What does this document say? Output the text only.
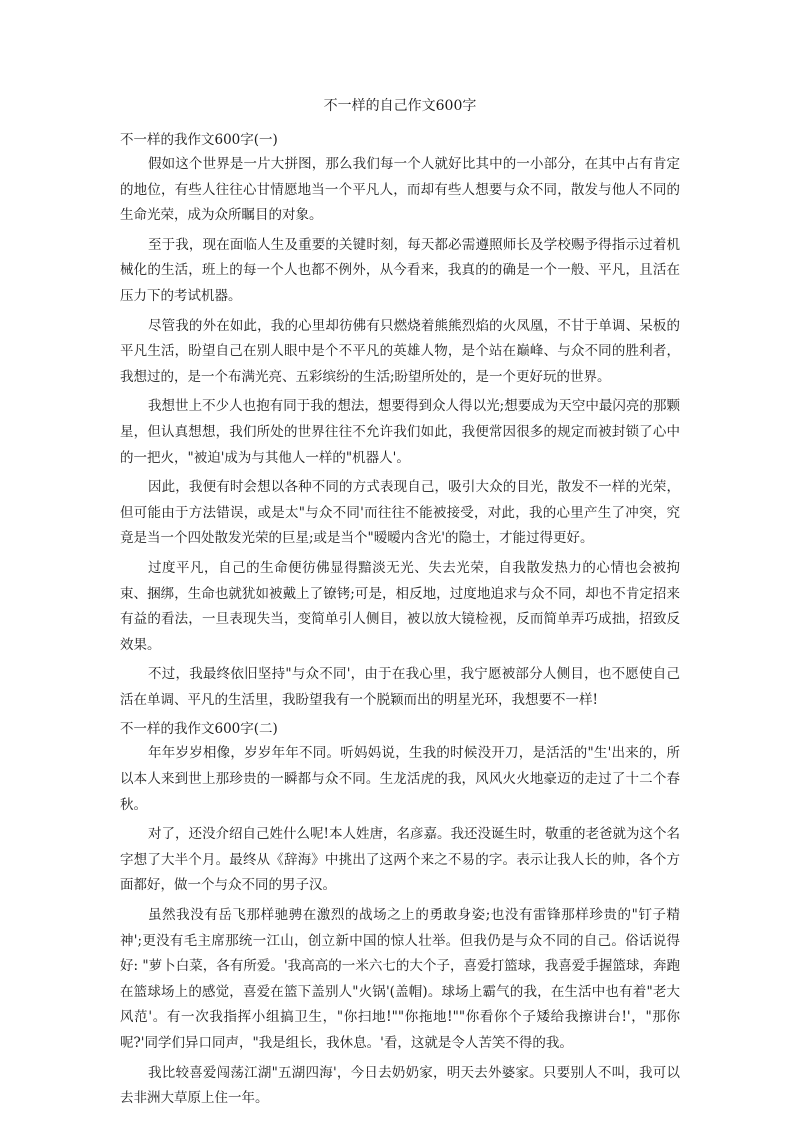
不一样的自己作文600字

不一样的我作文600字(一)

假如这个世界是一片大拼图，那么我们每一个人就好比其中的一小部分，在其中占有肯定的地位，有些人往往心甘情愿地当一个平凡人，而却有些人想要与众不同，散发与他人不同的生命光荣，成为众所瞩目的对象。

至于我，现在面临人生及重要的关键时刻，每天都必需遵照师长及学校赐予得指示过着机械化的生活，班上的每一个人也都不例外，从今看来，我真的的确是一个一般、平凡，且活在压力下的考试机器。

尽管我的外在如此，我的心里却彷佛有只燃烧着熊熊烈焰的火凤凰，不甘于单调、呆板的平凡生活，盼望自己在别人眼中是个不平凡的英雄人物，是个站在巅峰、与众不同的胜利者，我想过的，是一个布满光亮、五彩缤纷的生活;盼望所处的，是一个更好玩的世界。

我想世上不少人也抱有同于我的想法，想要得到众人得以光;想要成为天空中最闪亮的那颗星，但认真想想，我们所处的世界往往不允许我们如此，我便常因很多的规定而被封锁了心中的一把火，"被迫'成为与其他人一样的"机器人'。

因此，我便有时会想以各种不同的方式表现自己，吸引大众的目光，散发不一样的光荣，但可能由于方法错误，或是太"与众不同'而往往不能被接受，对此，我的心里产生了冲突，究竟是当一个四处散发光荣的巨星;或是当个"暧暧内含光'的隐士，才能过得更好。

过度平凡，自己的生命便彷佛显得黯淡无光、失去光荣，自我散发热力的心情也会被拘束、捆绑，生命也就犹如被戴上了镣铐;可是，相反地，过度地追求与众不同，却也不肯定招来有益的看法，一旦表现失当，变简单引人侧目，被以放大镜检视，反而简单弄巧成拙，招致反效果。

不过，我最终依旧坚持"与众不同'，由于在我心里，我宁愿被部分人侧目，也不愿使自己活在单调、平凡的生活里，我盼望我有一个脱颖而出的明星光环，我想要不一样!

不一样的我作文600字(二)

年年岁岁相像，岁岁年年不同。听妈妈说，生我的时候没开刀，是活活的"生'出来的，所以本人来到世上那珍贵的一瞬都与众不同。生龙活虎的我，风风火火地豪迈的走过了十二个春秋。

对了，还没介绍自己姓什么呢!本人姓唐，名彦嘉。我还没诞生时，敬重的老爸就为这个名字想了大半个月。最终从《辞海》中挑出了这两个来之不易的字。表示让我人长的帅，各个方面都好，做一个与众不同的男子汉。

虽然我没有岳飞那样驰骋在激烈的战场之上的勇敢身姿;也没有雷锋那样珍贵的"钉子精神';更没有毛主席那统一江山，创立新中国的惊人壮举。但我仍是与众不同的自己。俗话说得好: "萝卜白菜，各有所爱。'我高高的一米六七的大个子，喜爱打篮球，我喜爱手握篮球，奔跑在篮球场上的感觉，喜爱在篮下盖别人"火锅'(盖帽)。球场上霸气的我，在生活中也有着"老大风范'。有一次我指挥小组搞卫生，"你扫地!""你拖地!""你看你个子矮给我擦讲台!'，"那你呢?'同学们异口同声，"我是组长，我休息。'看，这就是令人苦笑不得的我。

我比较喜爱闯荡江湖"五湖四海'，今日去奶奶家，明天去外婆家。只要别人不叫，我可以去非洲大草原上住一年。
